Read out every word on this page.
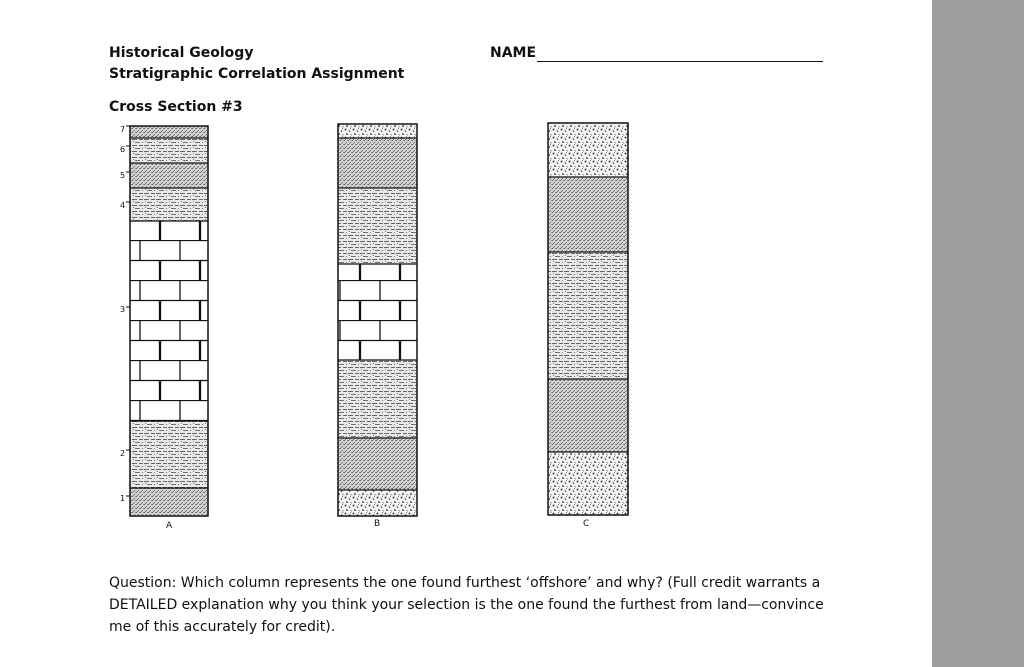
Historical Geology
Stratigraphic Correlation Assignment
NAME
Cross Section #3
7
6
5
4
3
2
1
A	B	C
Question: Which column represents the one found furthest ‘offshore’ and why? (Full credit warrants a DETAILED explanation why you think your selection is the one found the furthest from land—convince me of this accurately for credit).
